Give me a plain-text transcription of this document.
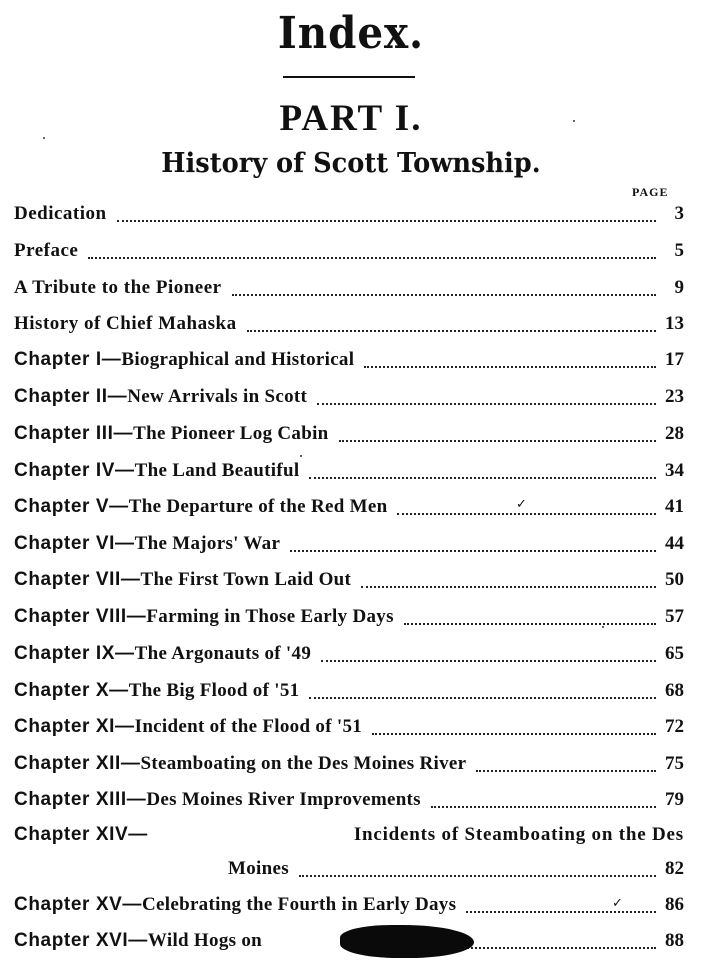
Index.
PART I.
History of Scott Township.
PAGE
Dedication	3
Preface	5
A Tribute to the Pioneer	9
History of Chief Mahaska	13
Chapter I—Biographical and Historical	17
Chapter II—New Arrivals in Scott	23
Chapter III—The Pioneer Log Cabin	28
Chapter IV—The Land Beautiful	34
Chapter V—The Departure of the Red Men	41
Chapter VI—The Majors' War	44
Chapter VII—The First Town Laid Out	50
Chapter VIII—Farming in Those Early Days	57
Chapter IX—The Argonauts of '49	65
Chapter X—The Big Flood of '51	68
Chapter XI—Incident of the Flood of '51	72
Chapter XII—Steamboating on the Des Moines River	75
Chapter XIII—Des Moines River Improvements	79
Chapter XIV—	Incidents of Steamboating on the Des
Moines	82
Chapter XV—Celebrating the Fourth in Early Days	86
Chapter XVI—Wild Hogs on	88
✓
✓
